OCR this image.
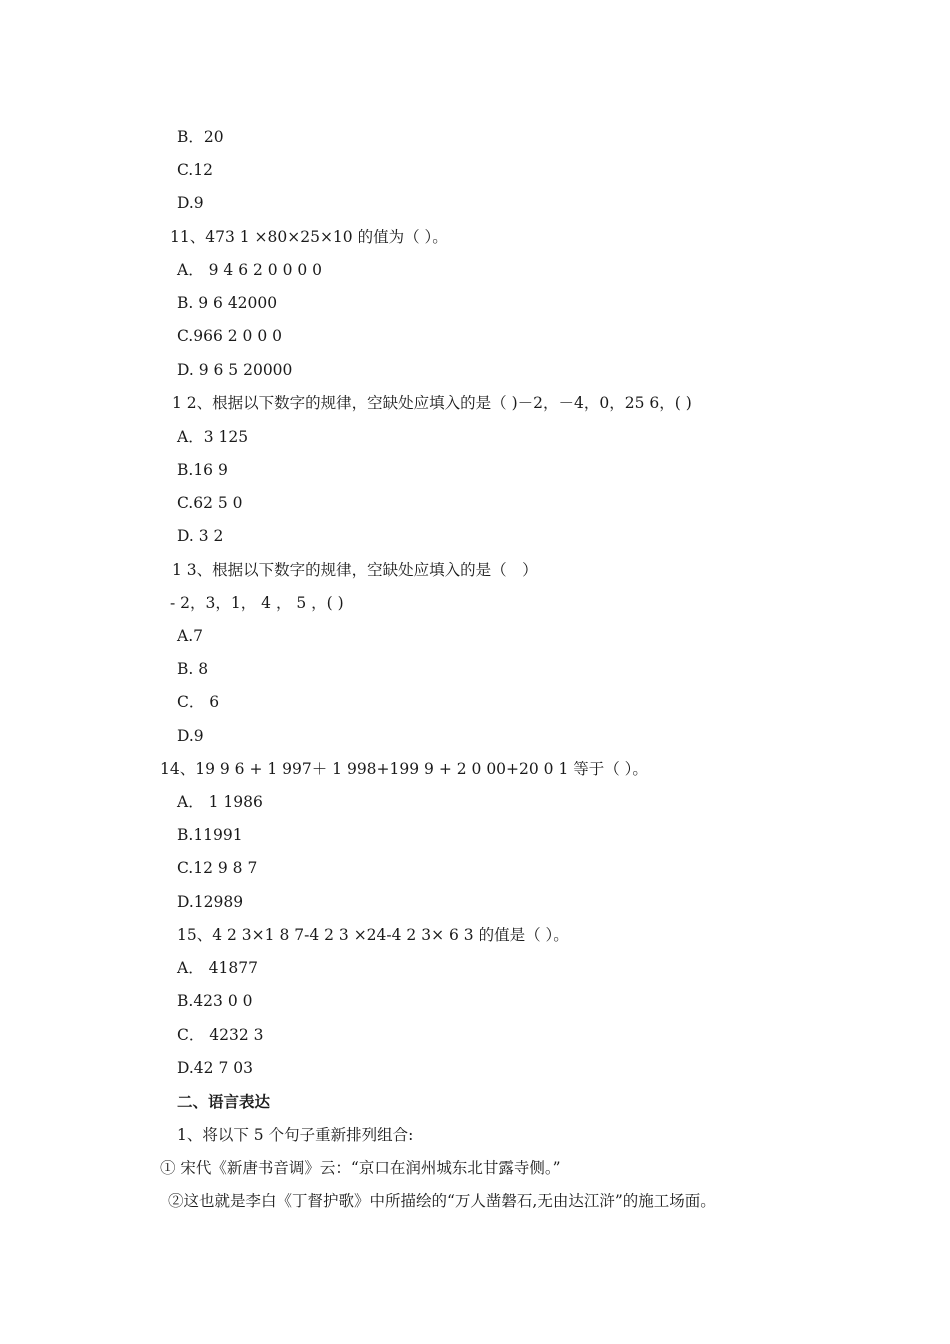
B．20
C.12
D.9
11、473 1 ×80×25×10 的值为（ ）。
A． 9 4 6 2 0 0 0 0
B. 9 6 42000
C.966 2 0 0 0
D. 9 6 5 20000
1 2、根据以下数字的规律，空缺处应填入的是（ )－2，－4，0，25 6，( )
A．3 125
B.16 9
C.62 5 0
D. 3 2
1 3、根据以下数字的规律，空缺处应填入的是（　）
- 2，3，1， 4 ， 5 ，( )
A.7
B. 8
C． 6
D.9
14、19 9 6 + 1 997＋ 1 998+199 9 + 2 0 00+20 0 1 等于（ ）。
A． 1 1986
B.11991
C.12 9 8 7
D.12989
15、4 2 3×1 8 7-4 2 3 ×24-4 2 3× 6 3 的值是（ ）。
A． 41877
B.423 0 0
C． 4232 3
D.42 7 03
二、语言表达
1、将以下 5 个句子重新排列组合:
① 宋代《新唐书音调》云：“京口在润州城东北甘露寺侧。”
②这也就是李白《丁督护歌》中所描绘的“万人凿磐石,无由达江浒”的施工场面。
